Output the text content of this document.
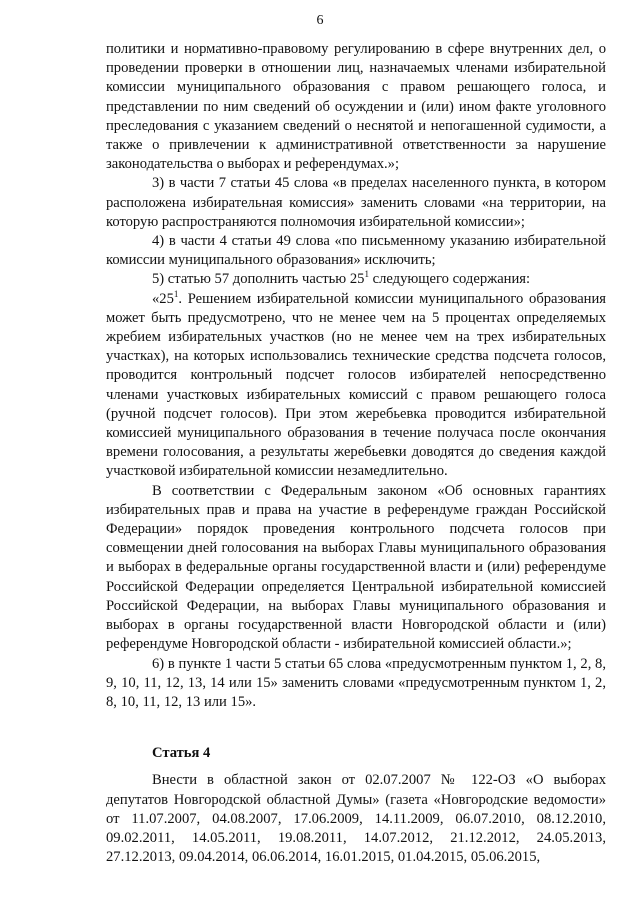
6

политики и нормативно-правовому регулированию в сфере внутренних дел, о проведении проверки в отношении лиц, назначаемых членами избирательной комиссии муниципального образования с правом решающего голоса, и представлении по ним сведений об осуждении и (или) ином факте уголовного преследования с указанием сведений о неснятой и непогашенной судимости, а также о привлечении к административной ответственности за нарушение законодательства о выборах и референдумах.»;

3) в части 7 статьи 45 слова «в пределах населенного пункта, в котором расположена избирательная комиссия» заменить словами «на территории, на которую распространяются полномочия избирательной комиссии»;

4) в части 4 статьи 49 слова «по письменному указанию избирательной комиссии муниципального образования» исключить;

5) статью 57 дополнить частью $25^1$ следующего содержания:

«$25^1$. Решением избирательной комиссии муниципального образования может быть предусмотрено, что не менее чем на 5 процентах определяемых жребием избирательных участков (но не менее чем на трех избирательных участках), на которых использовались технические средства подсчета голосов, проводится контрольный подсчет голосов избирателей непосредственно членами участковых избирательных комиссий с правом решающего голоса (ручной подсчет голосов). При этом жеребьевка проводится избирательной комиссией муниципального образования в течение получаса после окончания времени голосования, а результаты жеребьевки доводятся до сведения каждой участковой избирательной комиссии незамедлительно.

В соответствии с Федеральным законом «Об основных гарантиях избирательных прав и права на участие в референдуме граждан Российской Федерации» порядок проведения контрольного подсчета голосов при совмещении дней голосования на выборах Главы муниципального образования и выборах в федеральные органы государственной власти и (или) референдуме Российской Федерации определяется Центральной избирательной комиссией Российской Федерации, на выборах Главы муниципального образования и выборах в органы государственной власти Новгородской области и (или) референдуме Новгородской области - избирательной комиссией области.»;

6) в пункте 1 части 5 статьи 65 слова «предусмотренным пунктом 1, 2, 8, 9, 10, 11, 12, 13, 14 или 15» заменить словами «предусмотренным пунктом 1, 2, 8, 10, 11, 12, 13 или 15».

Статья 4

Внести в областной закон от 02.07.2007 № 122-ОЗ «О выборах депутатов Новгородской областной Думы» (газета «Новгородские ведомости» от 11.07.2007, 04.08.2007, 17.06.2009, 14.11.2009, 06.07.2010, 08.12.2010, 09.02.2011, 14.05.2011, 19.08.2011, 14.07.2012, 21.12.2012, 24.05.2013, 27.12.2013, 09.04.2014, 06.06.2014, 16.01.2015, 01.04.2015, 05.06.2015,
